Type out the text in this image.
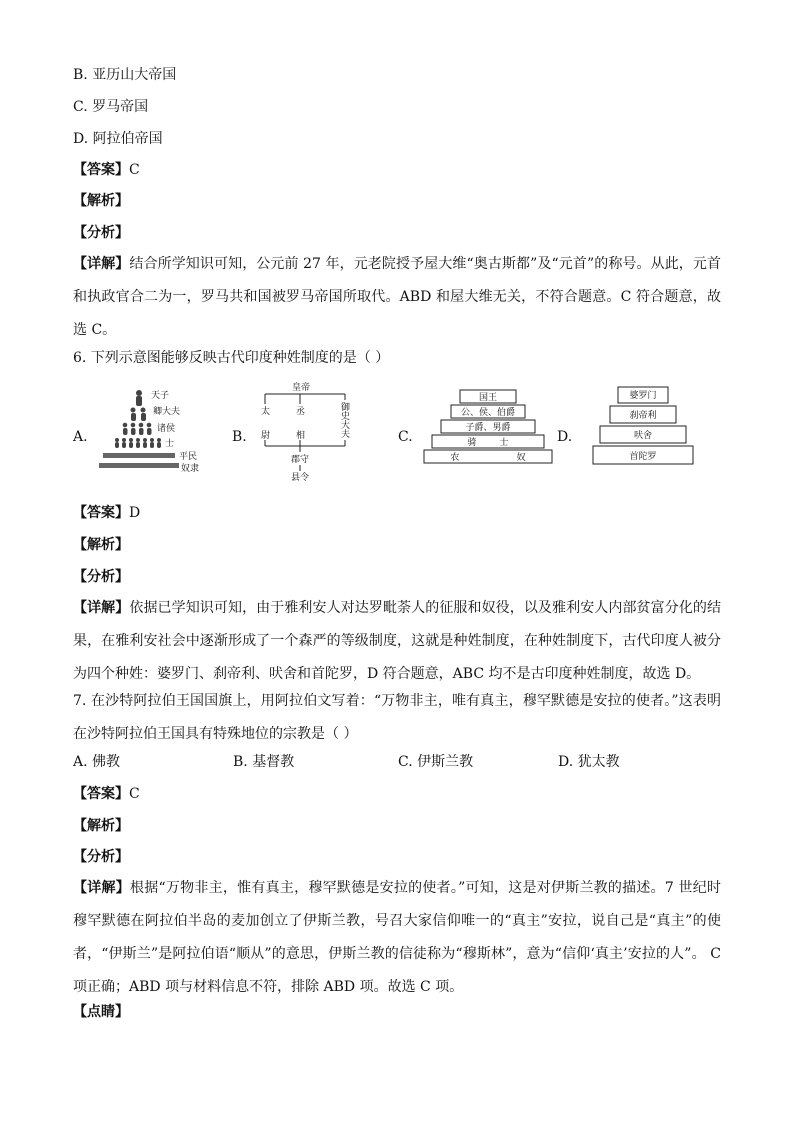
B. 亚历山大帝国
C. 罗马帝国
D. 阿拉伯帝国
【答案】C
【解析】
【分析】
【详解】结合所学知识可知，公元前 27 年，元老院授予屋大维“奥古斯都”及“元首”的称号。从此，元首和执政官合二为一，罗马共和国被罗马帝国所取代。ABD 和屋大维无关，不符合题意。C 符合题意，故选 C。
6. 下列示意图能够反映古代印度种姓制度的是（ ）
A.	B.	C.	D.
天子
卿大夫
诸侯
士
平民
奴隶
皇帝
太
尉
丞
相
御
史
大
夫
郡守
县令
国王
公、侯、伯爵
子爵、男爵
骑        士
农                    奴
婆罗门
刹帝利
吠舍
首陀罗
【答案】D
【解析】
【分析】
【详解】依据已学知识可知，由于雅利安人对达罗毗荼人的征服和奴役，以及雅利安人内部贫富分化的结果，在雅利安社会中逐渐形成了一个森严的等级制度，这就是种姓制度，在种姓制度下，古代印度人被分为四个种姓：婆罗门、刹帝利、吠舍和首陀罗，D 符合题意，ABC 均不是古印度种姓制度，故选 D。
7. 在沙特阿拉伯王国国旗上，用阿拉伯文写着：“万物非主，唯有真主，穆罕默德是安拉的使者。”这表明在沙特阿拉伯王国具有特殊地位的宗教是（ ）
A. 佛教	B. 基督教	C. 伊斯兰教	D. 犹太教
【答案】C
【解析】
【分析】
【详解】根据“万物非主，惟有真主，穆罕默德是安拉的使者。”可知，这是对伊斯兰教的描述。7 世纪时穆罕默德在阿拉伯半岛的麦加创立了伊斯兰教，号召大家信仰唯一的“真主”安拉，说自己是“真主”的使者，“伊斯兰”是阿拉伯语“顺从”的意思，伊斯兰教的信徒称为“穆斯林”，意为“信仰‘真主’安拉的人”。 C 项正确；ABD 项与材料信息不符，排除 ABD 项。故选 C 项。
【点睛】
